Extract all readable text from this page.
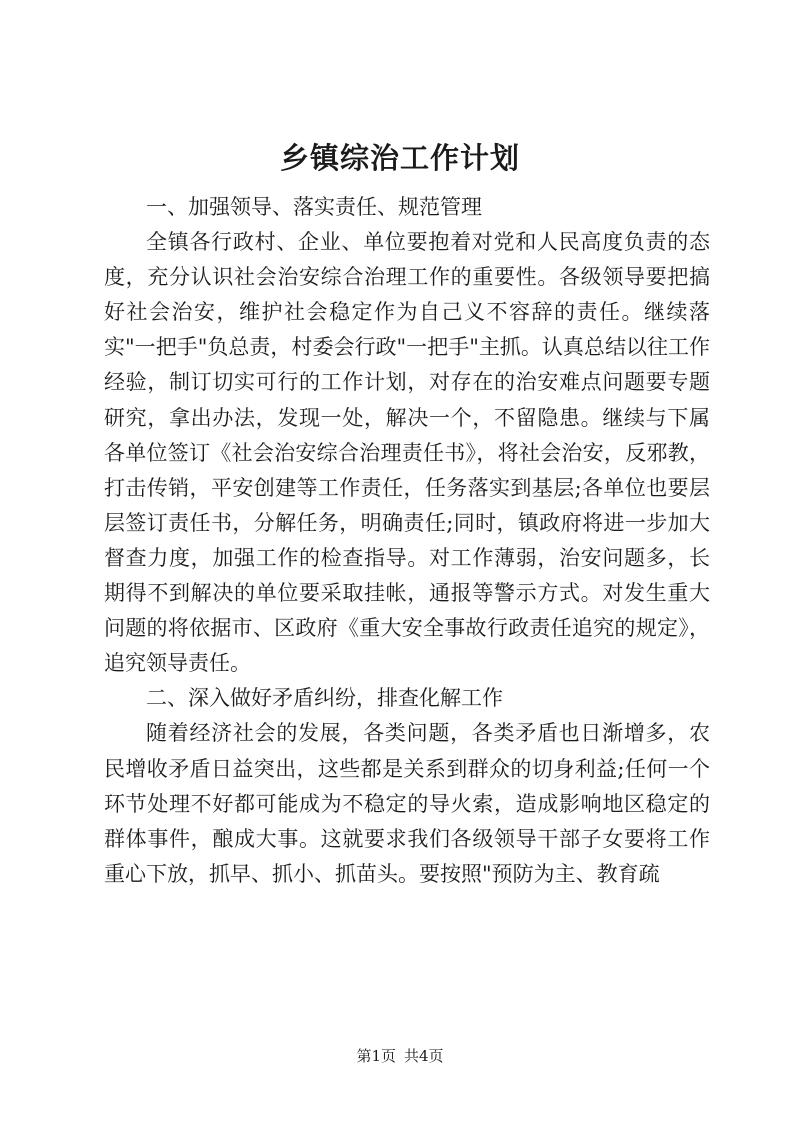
乡镇综治工作计划

一、加强领导、落实责任、规范管理

全镇各行政村、企业、单位要抱着对党和人民高度负责的态度，充分认识社会治安综合治理工作的重要性。各级领导要把搞好社会治安，维护社会稳定作为自己义不容辞的责任。继续落实"一把手"负总责，村委会行政"一把手"主抓。认真总结以往工作经验，制订切实可行的工作计划，对存在的治安难点问题要专题研究，拿出办法，发现一处，解决一个，不留隐患。继续与下属各单位签订《社会治安综合治理责任书》，将社会治安，反邪教，打击传销，平安创建等工作责任，任务落实到基层;各单位也要层层签订责任书，分解任务，明确责任;同时，镇政府将进一步加大督查力度，加强工作的检查指导。对工作薄弱，治安问题多，长期得不到解决的单位要采取挂帐，通报等警示方式。对发生重大问题的将依据市、区政府《重大安全事故行政责任追究的规定》，追究领导责任。

二、深入做好矛盾纠纷，排查化解工作

随着经济社会的发展，各类问题，各类矛盾也日渐增多，农民增收矛盾日益突出，这些都是关系到群众的切身利益;任何一个环节处理不好都可能成为不稳定的导火索，造成影响地区稳定的群体事件，酿成大事。这就要求我们各级领导干部子女要将工作重心下放，抓早、抓小、抓苗头。要按照"预防为主、教育疏

第1页 共4页
